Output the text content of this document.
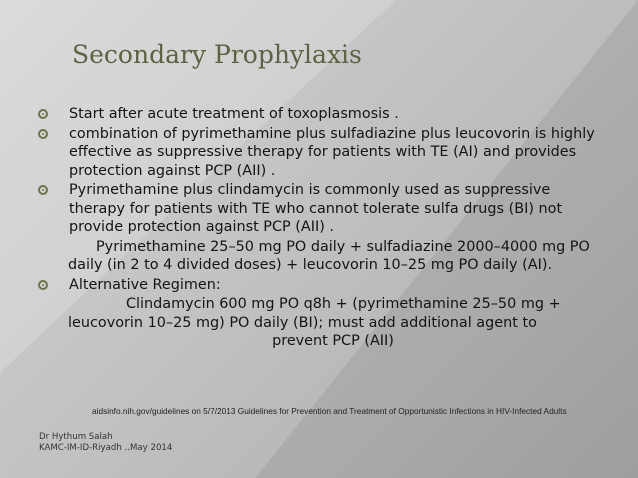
Secondary Prophylaxis
Start after acute treatment of toxoplasmosis .
combination of pyrimethamine plus sulfadiazine plus leucovorin is highly effective as suppressive therapy for patients with TE (AI) and provides protection against PCP (AII) .
Pyrimethamine plus clindamycin is commonly used as suppressive therapy for patients with TE who cannot tolerate sulfa drugs (BI) not provide protection against PCP (AII) .
Pyrimethamine 25–50 mg PO daily + sulfadiazine 2000–4000 mg PO daily (in 2 to 4 divided doses) + leucovorin 10–25 mg PO daily (AI).
Alternative Regimen:
Clindamycin 600 mg PO q8h + (pyrimethamine 25–50 mg + leucovorin 10–25 mg) PO daily (BI); must add additional agent to
prevent PCP (AII)
aidsinfo.nih.gov/guidelines on 5/7/2013 Guidelines for Prevention and Treatment of Opportunistic Infections in HIV-Infected Adults
Dr Hythum Salah
KAMC-IM-ID-Riyadh ..May 2014
